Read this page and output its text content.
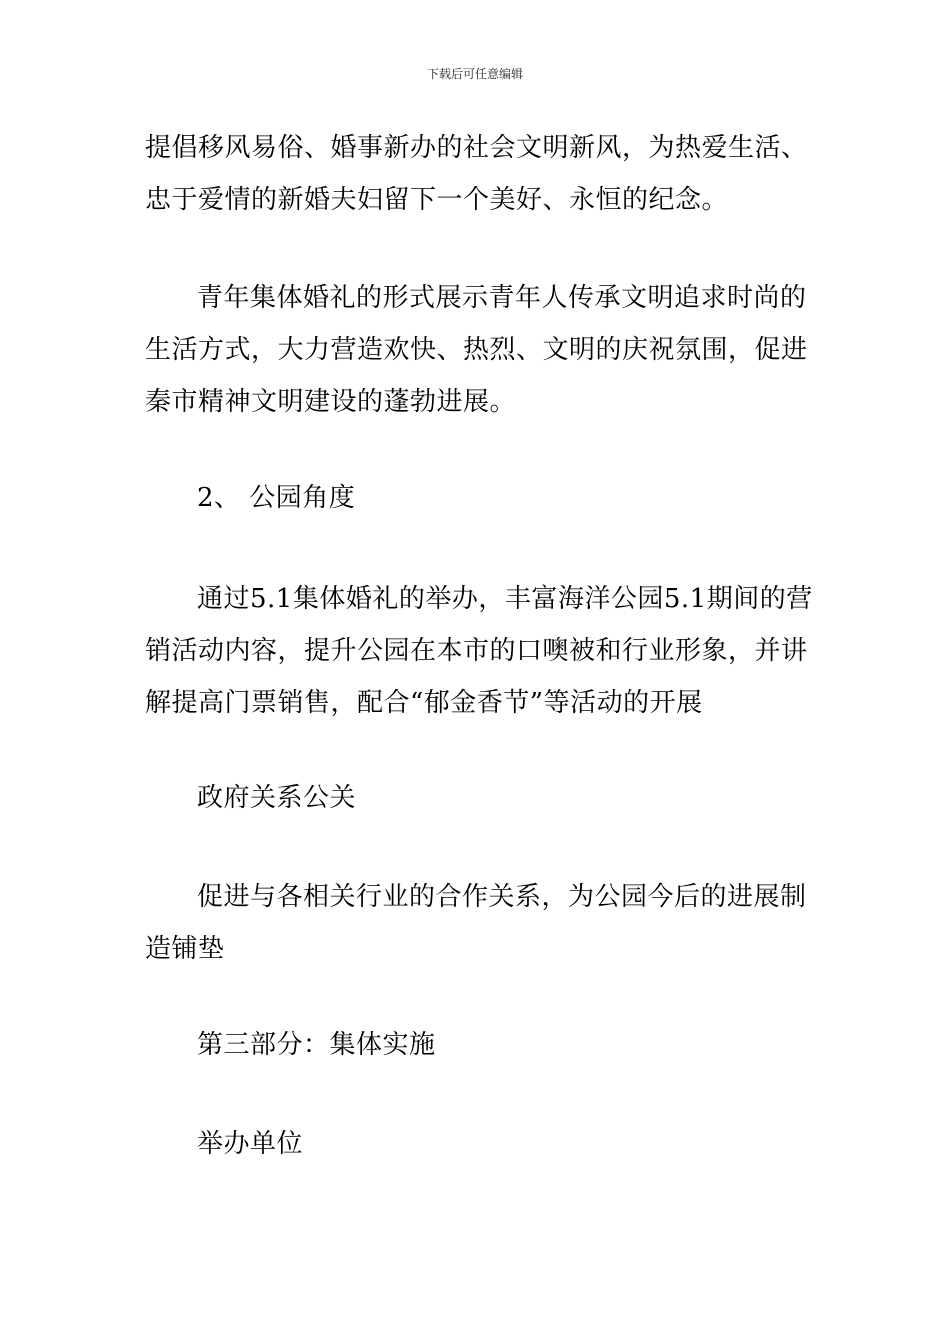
下载后可任意编辑
提倡移风易俗、婚事新办的社会文明新风，为热爱生活、
忠于爱情的新婚夫妇留下一个美好、永恒的纪念。
青年集体婚礼的形式展示青年人传承文明追求时尚的
生活方式，大力营造欢快、热烈、文明的庆祝氛围，促进
秦市精神文明建设的蓬勃进展。
2、 公园角度
通过5.1集体婚礼的举办，丰富海洋公园5.1期间的营
销活动内容，提升公园在本市的口噢被和行业形象，并讲
解提高门票销售，配合“郁金香节”等活动的开展
政府关系公关
促进与各相关行业的合作关系，为公园今后的进展制
造铺垫
第三部分：集体实施
举办单位
